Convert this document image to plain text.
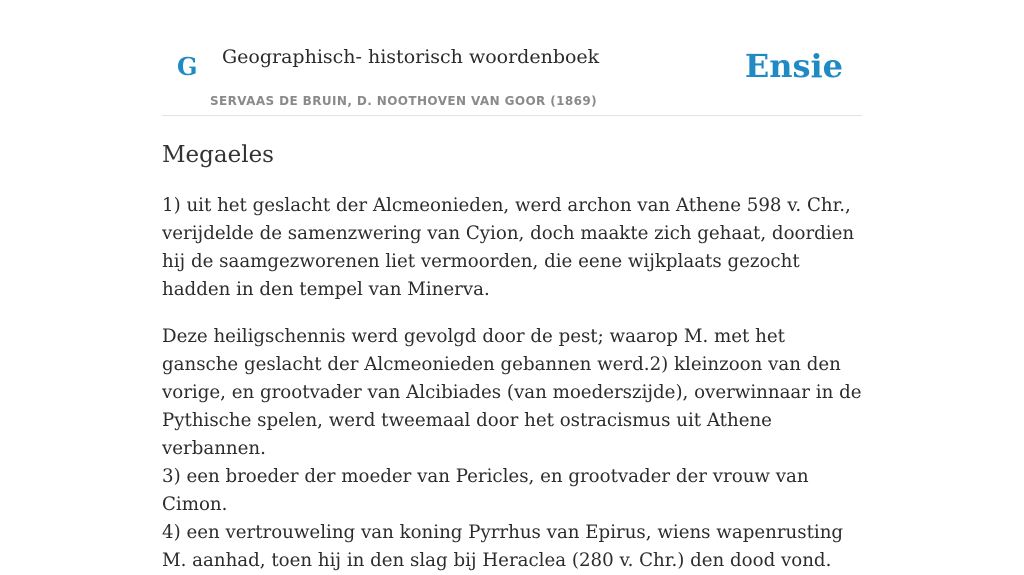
G Geographisch- historisch woordenboek
SERVAAS DE BRUIN, D. NOOTHOVEN VAN GOOR (1869)
Ensie
Megaeles

1) uit het geslacht der Alcmeonieden, werd archon van Athene 598 v. Chr., verijdelde de samenzwering van Cyion, doch maakte zich gehaat, doordien hij de saamgezworenen liet vermoorden, die eene wijkplaats gezocht hadden in den tempel van Minerva.

Deze heiligschennis werd gevolgd door de pest; waarop M. met het gansche geslacht der Alcmeonieden gebannen werd.2) kleinzoon van den vorige, en grootvader van Alcibiades (van moederszijde), overwinnaar in de Pythische spelen, werd tweemaal door het ostracismus uit Athene verbannen.
3) een broeder der moeder van Pericles, en grootvader der vrouw van Cimon.
4) een vertrouweling van koning Pyrrhus van Epirus, wiens wapenrusting M. aanhad, toen hij in den slag bij Heraclea (280 v. Chr.) den dood vond.
